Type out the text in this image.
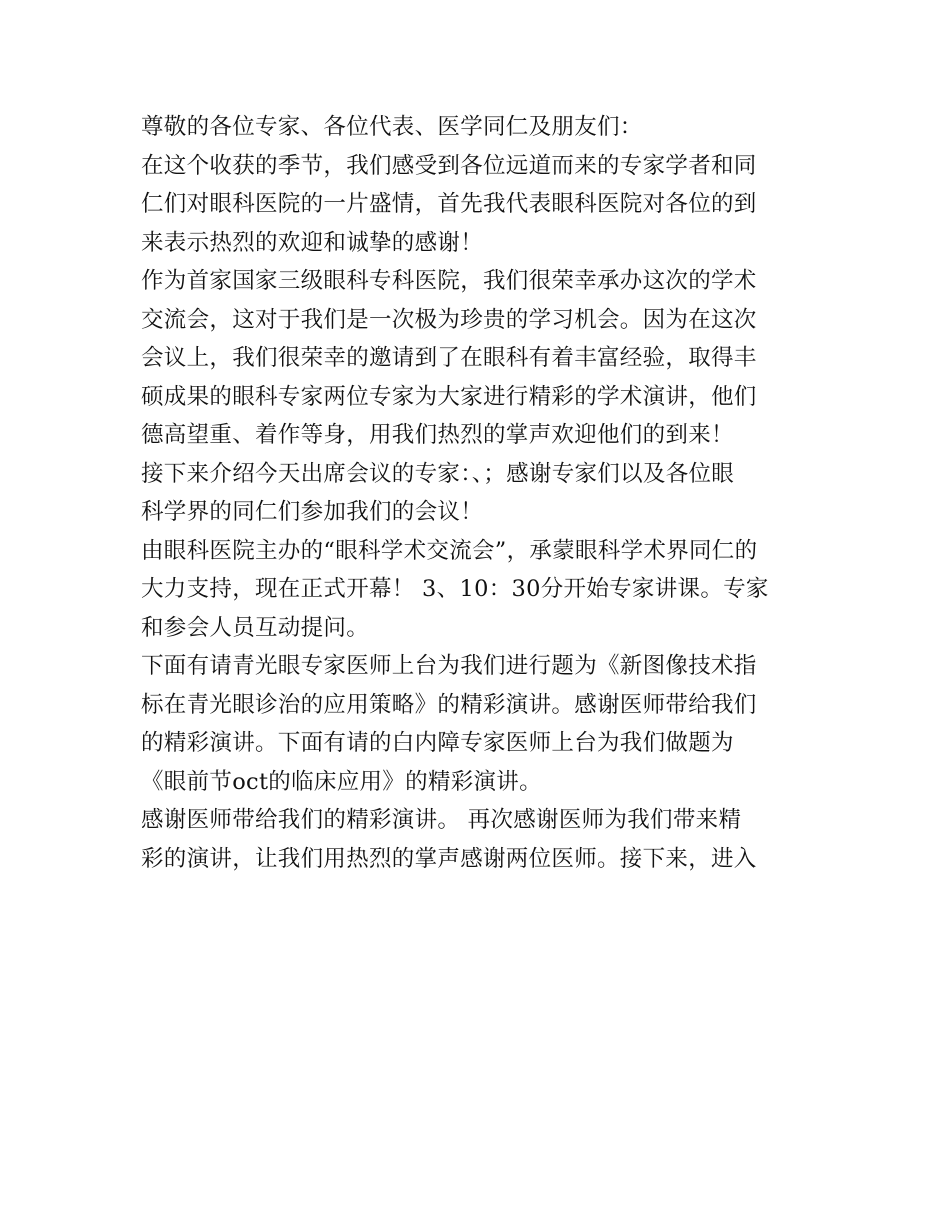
尊敬的各位专家、各位代表、医学同仁及朋友们：
在这个收获的季节，我们感受到各位远道而来的专家学者和同
仁们对眼科医院的一片盛情，首先我代表眼科医院对各位的到
来表示热烈的欢迎和诚挚的感谢！
作为首家国家三级眼科专科医院，我们很荣幸承办这次的学术
交流会，这对于我们是一次极为珍贵的学习机会。因为在这次
会议上，我们很荣幸的邀请到了在眼科有着丰富经验，取得丰
硕成果的眼科专家两位专家为大家进行精彩的学术演讲，他们
德高望重、着作等身，用我们热烈的掌声欢迎他们的到来！
接下来介绍今天出席会议的专家：、；感谢专家们以及各位眼
科学界的同仁们参加我们的会议！
由眼科医院主办的“眼科学术交流会”，承蒙眼科学术界同仁的
大力支持，现在正式开幕！ 3、10：30分开始专家讲课。专家
和参会人员互动提问。
下面有请青光眼专家医师上台为我们进行题为《新图像技术指
标在青光眼诊治的应用策略》的精彩演讲。感谢医师带给我们
的精彩演讲。下面有请的白内障专家医师上台为我们做题为
《眼前节oct的临床应用》的精彩演讲。
感谢医师带给我们的精彩演讲。 再次感谢医师为我们带来精
彩的演讲，让我们用热烈的掌声感谢两位医师。接下来，进入
